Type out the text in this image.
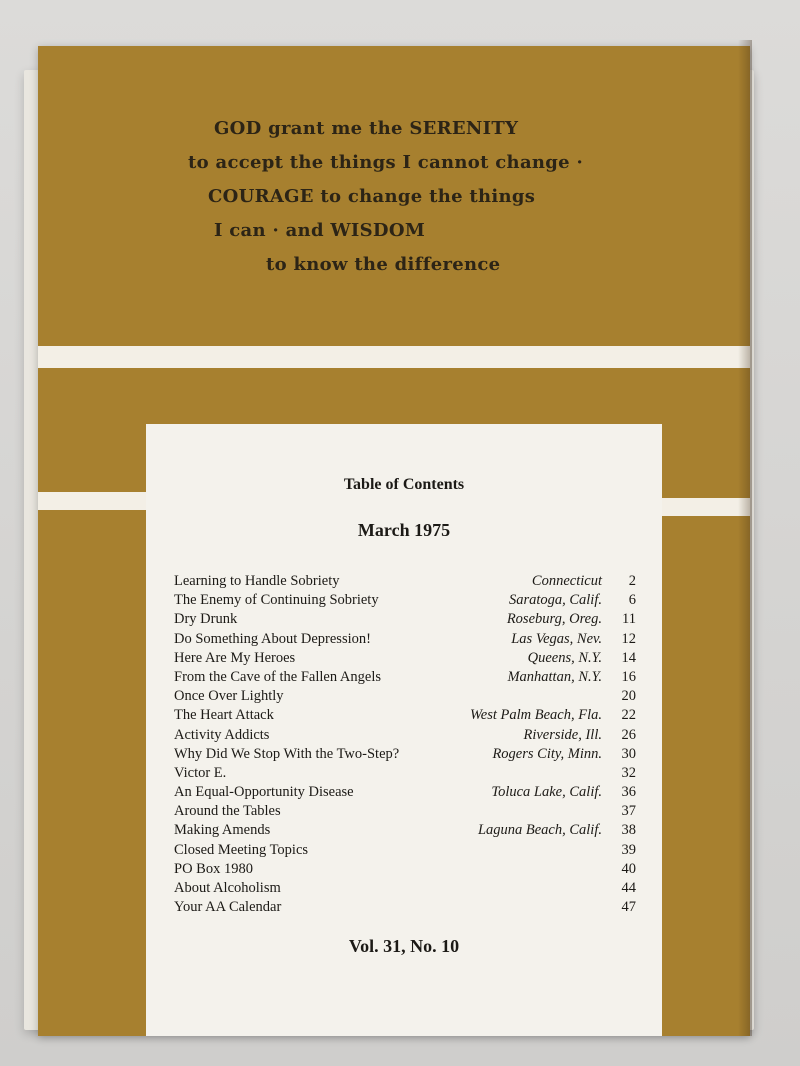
GOD grant me the SERENITY
to accept the things I cannot change ·
COURAGE to change the things
I can · and WISDOM
to know the difference
Table of Contents
March 1975
Learning to Handle Sobriety	Connecticut	2
The Enemy of Continuing Sobriety	Saratoga, Calif.	6
Dry Drunk	Roseburg, Oreg.	11
Do Something About Depression!	Las Vegas, Nev.	12
Here Are My Heroes	Queens, N.Y.	14
From the Cave of the Fallen Angels	Manhattan, N.Y.	16
Once Over Lightly	20
The Heart Attack	West Palm Beach, Fla.	22
Activity Addicts	Riverside, Ill.	26
Why Did We Stop With the Two-Step?	Rogers City, Minn.	30
Victor E.	32
An Equal-Opportunity Disease	Toluca Lake, Calif.	36
Around the Tables	37
Making Amends	Laguna Beach, Calif.	38
Closed Meeting Topics	39
PO Box 1980	40
About Alcoholism	44
Your AA Calendar	47
Vol. 31, No. 10
